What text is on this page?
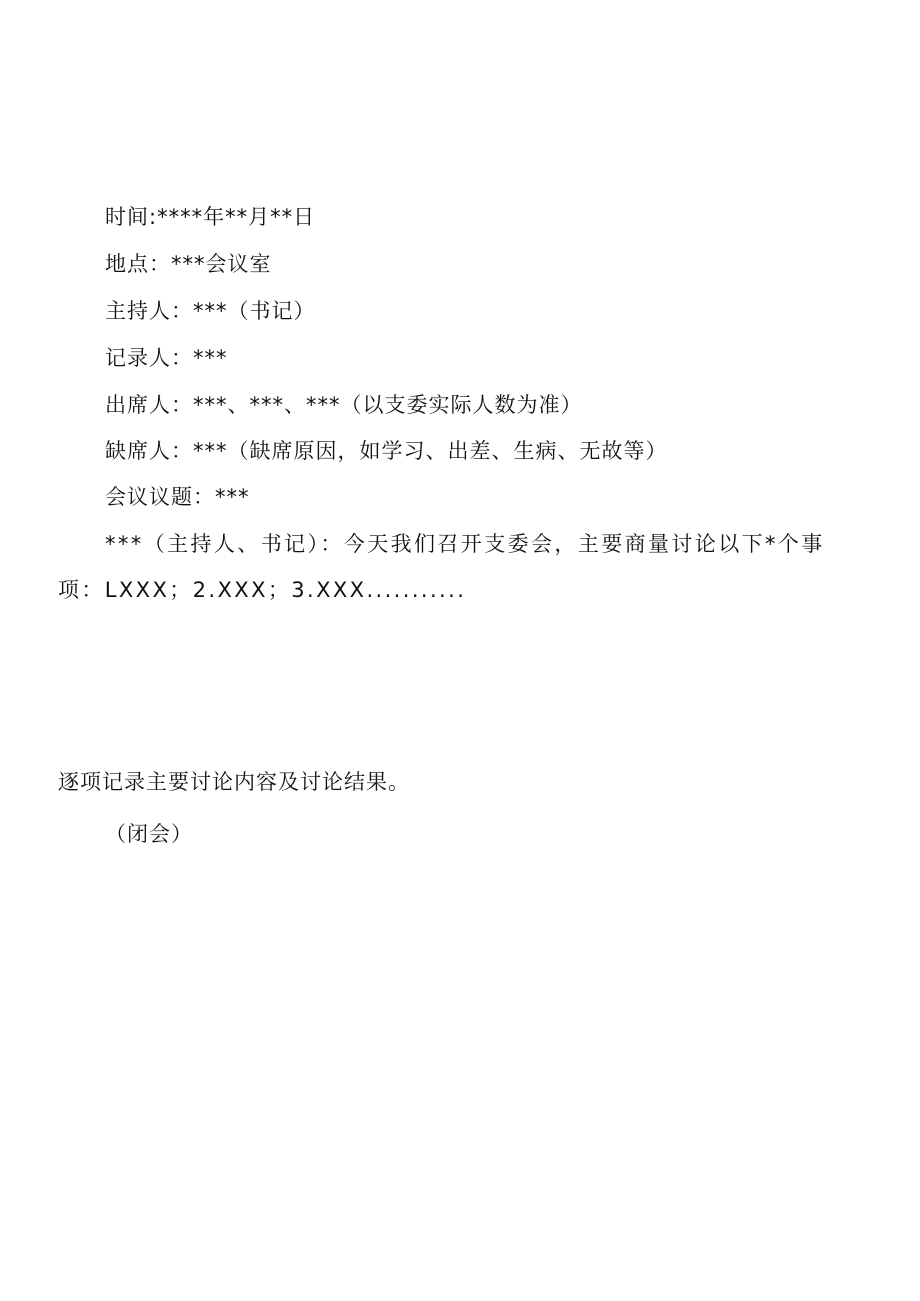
时间:****年**月**日
地点：***会议室
主持人：***（书记）
记录人：***
出席人：***、***、***（以支委实际人数为准）
缺席人：***（缺席原因，如学习、出差、生病、无故等）
会议议题：***
***（主持人、书记）：今天我们召开支委会，主要商量讨论以下*个事
项：LXXX；2.XXX；3.XXX...........
逐项记录主要讨论内容及讨论结果。
（闭会）
